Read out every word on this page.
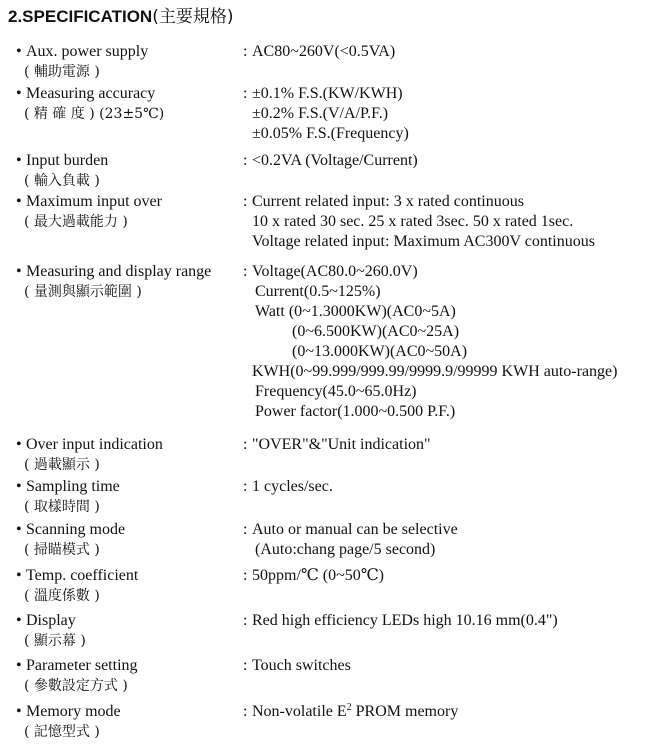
2.SPECIFICATION(主要規格)
• Aux. power supply
( 輔助電源 )
: AC80~260V(<0.5VA)
• Measuring accuracy
( 精 確 度 ) (23±5℃)
: ±0.1% F.S.(KW/KWH)
±0.2% F.S.(V/A/P.F.)
±0.05% F.S.(Frequency)
• Input burden
( 輸入負載 )
: <0.2VA (Voltage/Current)
• Maximum input over
( 最大過載能力 )
: Current related input: 3 x rated continuous
10 x rated 30 sec. 25 x rated 3sec. 50 x rated 1sec.
Voltage related input: Maximum AC300V continuous
• Measuring and display range
( 量測與顯示範圍 )
: Voltage(AC80.0~260.0V)
Current(0.5~125%)
Watt (0~1.3000KW)(AC0~5A)
(0~6.500KW)(AC0~25A)
(0~13.000KW)(AC0~50A)
KWH(0~99.999/999.99/9999.9/99999 KWH auto-range)
Frequency(45.0~65.0Hz)
Power factor(1.000~0.500 P.F.)
• Over input indication
( 過載顯示 )
: "OVER"&"Unit indication"
• Sampling time
( 取樣時間 )
: 1 cycles/sec.
• Scanning mode
( 掃瞄模式 )
: Auto or manual can be selective
(Auto:chang page/5 second)
• Temp. coefficient
( 溫度係數 )
: 50ppm/℃ (0~50℃)
• Display
( 顯示幕 )
: Red high efficiency LEDs high 10.16 mm(0.4")
• Parameter setting
( 參數設定方式 )
: Touch switches
• Memory mode
( 記憶型式 )
: Non-volatile $E^2$ PROM memory
